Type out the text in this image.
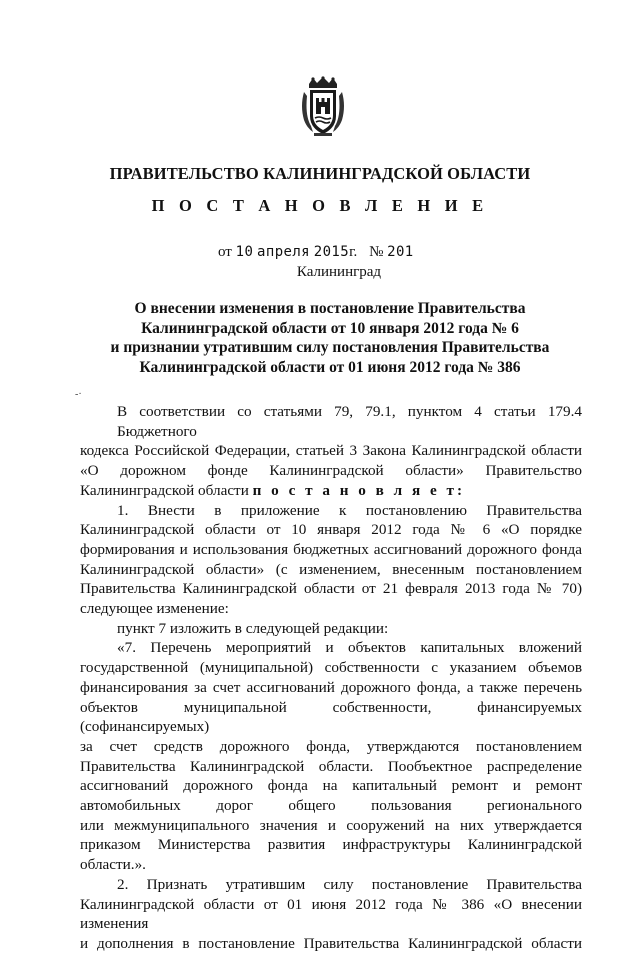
ПРАВИТЕЛЬСТВО КАЛИНИНГРАДСКОЙ ОБЛАСТИ
П О С Т А Н О В Л Е Н И Е
от 10 апреля 2015г. № 201
Калининград
О внесении изменения в постановление Правительства
Калининградской области от 10 января 2012 года № 6
и признании утратившим силу постановления Правительства
Калининградской области от 01 июня 2012 года № 386
-·
В соответствии со статьями 79, 79.1, пунктом 4 статьи 179.4 Бюджетного
кодекса Российской Федерации, статьей 3 Закона Калининградской области
«О дорожном фонде Калининградской области» Правительство
Калининградской области п о с т а н о в л я е т:
1. Внести в приложение к постановлению Правительства
Калининградской области от 10 января 2012 года № 6 «О порядке
формирования и использования бюджетных ассигнований дорожного фонда
Калининградской области» (с изменением, внесенным постановлением
Правительства Калининградской области от 21 февраля 2013 года № 70)
следующее изменение:
пункт 7 изложить в следующей редакции:
«7. Перечень мероприятий и объектов капитальных вложений
государственной (муниципальной) собственности с указанием объемов
финансирования за счет ассигнований дорожного фонда, а также перечень
объектов муниципальной собственности, финансируемых (софинансируемых)
за счет средств дорожного фонда, утверждаются постановлением
Правительства Калининградской области. Пообъектное распределение
ассигнований дорожного фонда на капитальный ремонт и ремонт
автомобильных дорог общего пользования регионального
или межмуниципального значения и сооружений на них утверждается
приказом Министерства развития инфраструктуры Калининградской
области.».
2. Признать утратившим силу постановление Правительства
Калининградской области от 01 июня 2012 года № 386 «О внесении изменения
и дополнения в постановление Правительства Калининградской области
